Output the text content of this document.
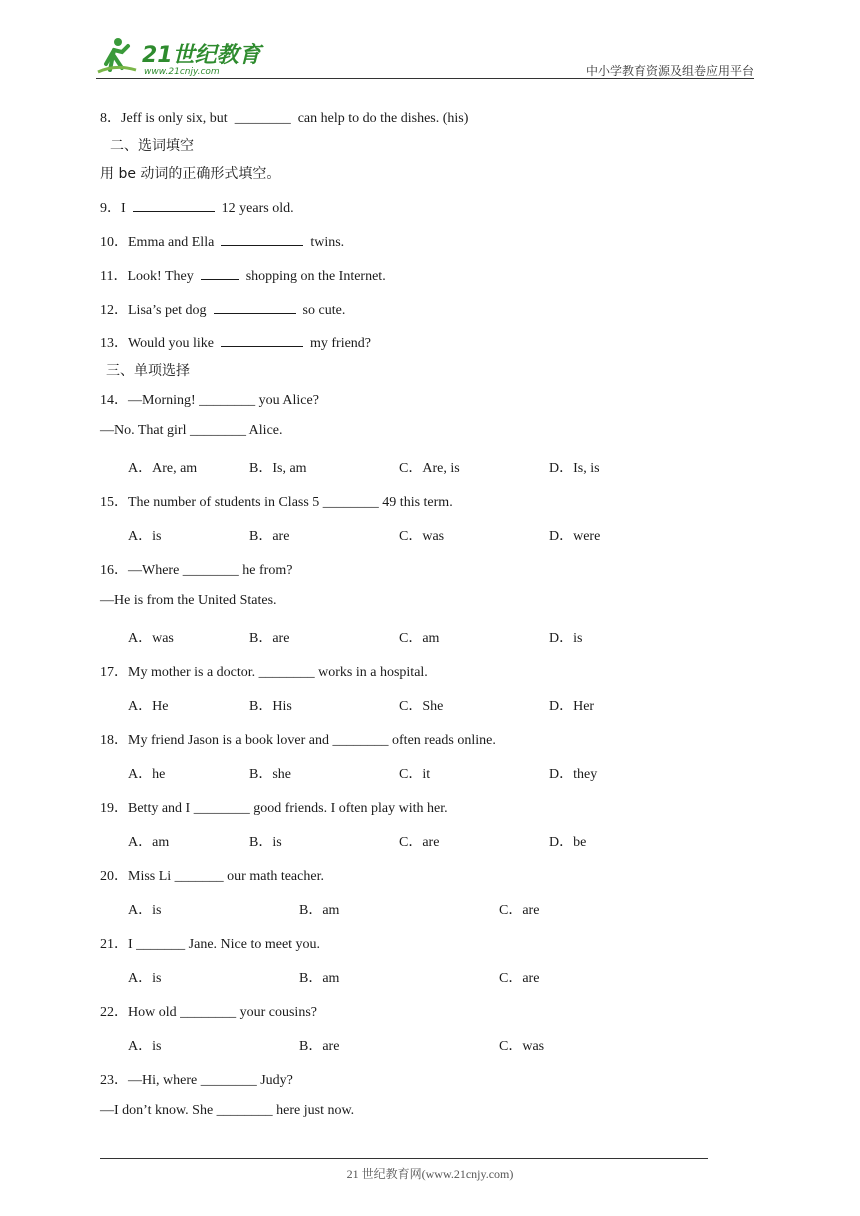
21世纪教育
www.21cnjy.com	中小学教育资源及组卷应用平台
8．Jeff is only six, but ________ can help to do the dishes. (his)
二、选词填空
用 be 动词的正确形式填空。
9．I	12 years old.
10．Emma and Ella	twins.
11．Look! They	shopping on the Internet.
12．Lisa’s pet dog	so cute.
13．Would you like	my friend?
三、单项选择
14．—Morning! ________ you Alice?
—No. That girl ________ Alice.
A．Are, am	B．Is, am	C．Are, is	D．Is, is
15．The number of students in Class 5 ________ 49 this term.
A．is	B．are	C．was	D．were
16．—Where ________ he from?
—He is from the United States.
A．was	B．are	C．am	D．is
17．My mother is a doctor. ________ works in a hospital.
A．He	B．His	C．She	D．Her
18．My friend Jason is a book lover and ________ often reads online.
A．he	B．she	C．it	D．they
19．Betty and I ________ good friends. I often play with her.
A．am	B．is	C．are	D．be
20．Miss Li _______ our math teacher.
A．is	B．am	C．are
21．I _______ Jane. Nice to meet you.
A．is	B．am	C．are
22．How old ________ your cousins?
A．is	B．are	C．was
23．—Hi, where ________ Judy?
—I don’t know. She ________ here just now.
21 世纪教育网(www.21cnjy.com)
